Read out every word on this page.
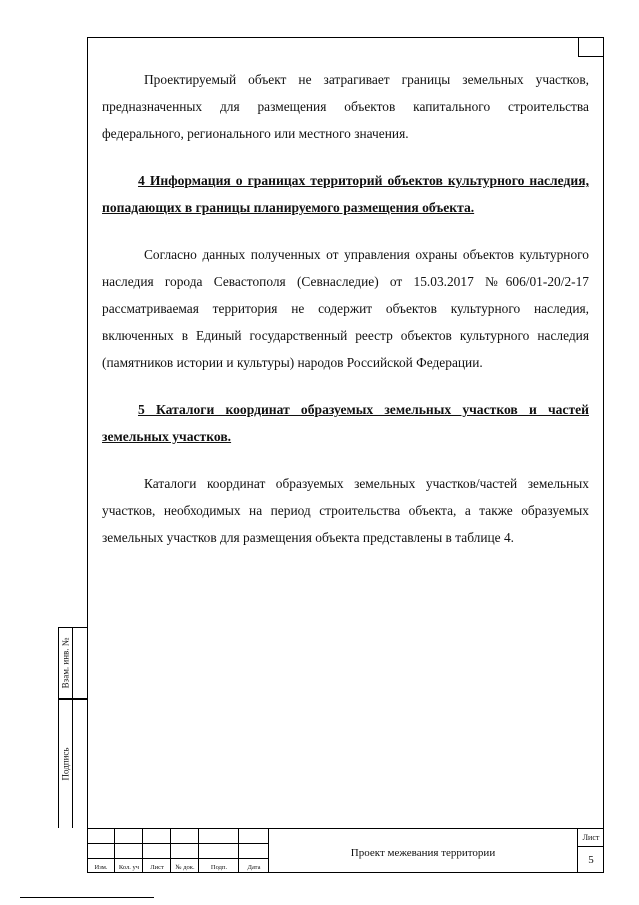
Проектируемый объект не затрагивает границы земельных участков, предназначенных для размещения объектов капитального строительства федерального, регионального или местного значения.

4 Информация о границах территорий объектов культурного наследия, попадающих в границы планируемого размещения объекта.

Согласно данных полученных от управления охраны объектов культурного наследия города Севастополя (Севнаследие) от 15.03.2017 №606/01-20/2-17 рассматриваемая территория не содержит объектов культурного наследия, включенных в Единый государственный реестр объектов культурного наследия (памятников истории и культуры) народов Российской Федерации.

5 Каталоги координат образуемых земельных участков и частей земельных участков.

Каталоги координат образуемых земельных участков/частей земельных участков, необходимых на период строительства объекта, а также образуемых земельных участков для размещения объекта представлены в таблице 4.

Взам. инв. №
Подпись
Изм.	Кол. уч	Лист	№ док.	Подп.	Дата
Проект межевания территории
Лист
5
